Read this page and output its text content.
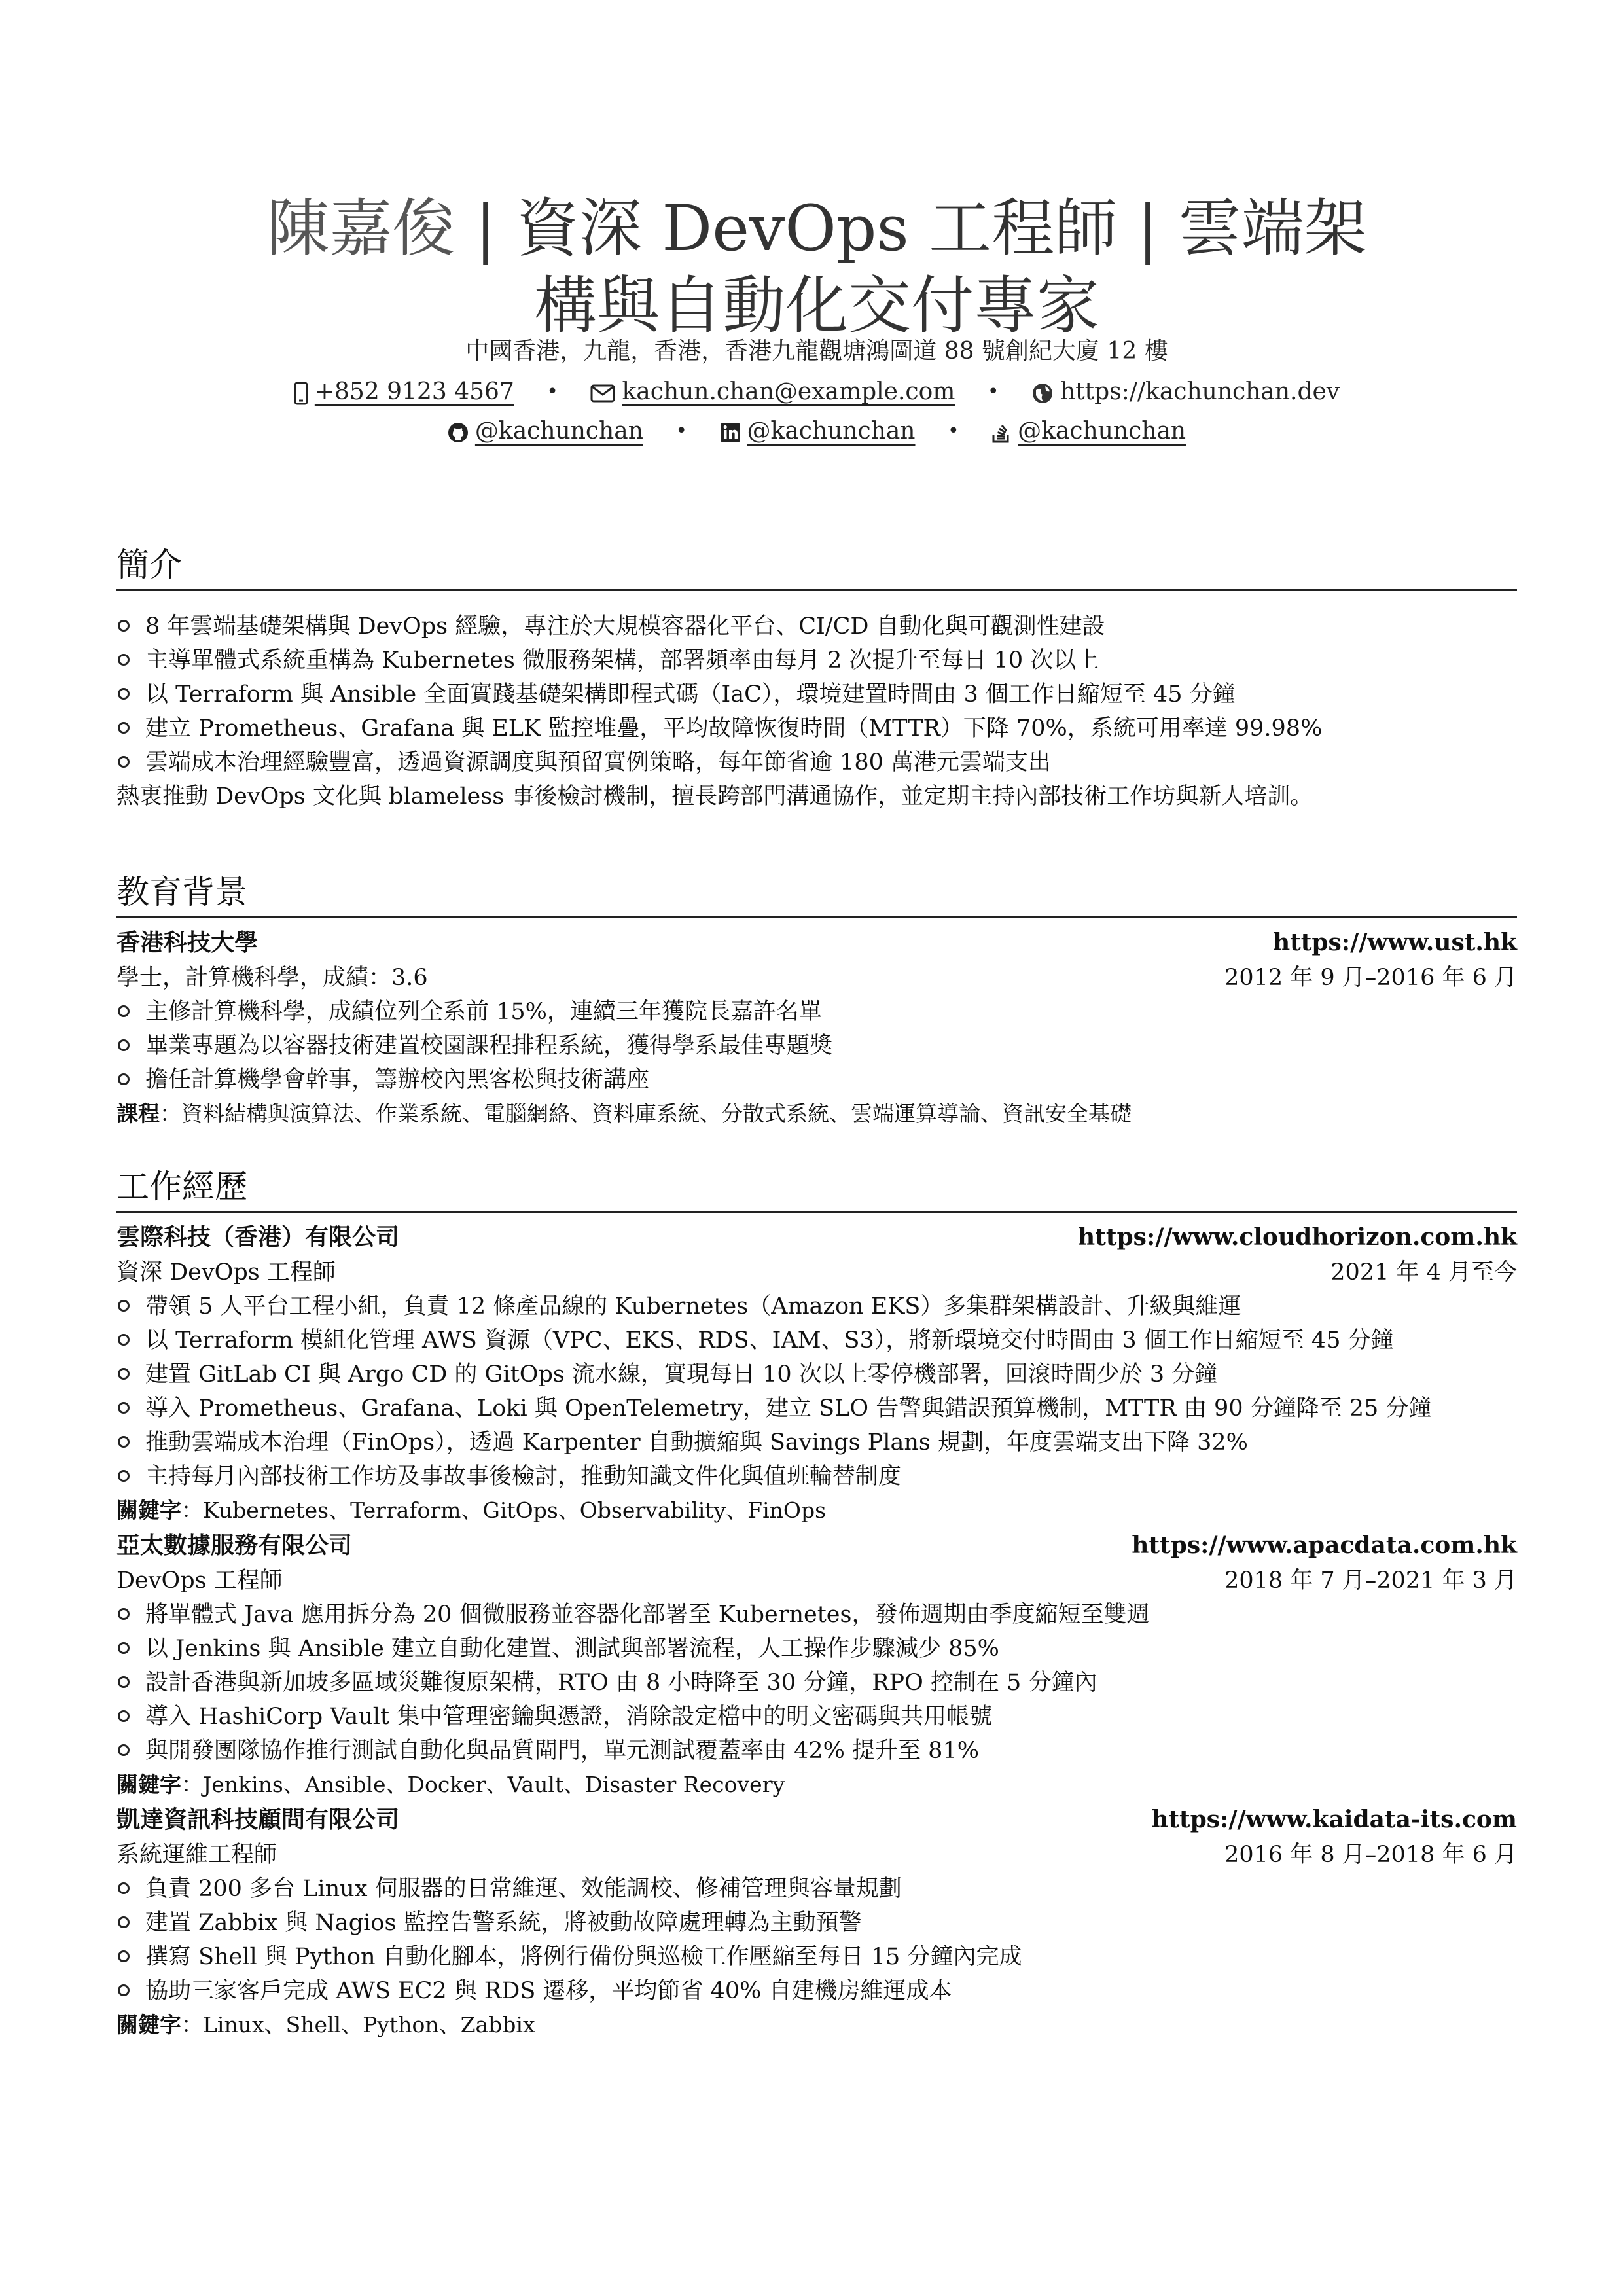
陳嘉俊 | 資深 DevOps 工程師 | 雲端架
構與自動化交付專家
中國香港，九龍，香港，香港九龍觀塘鴻圖道 88 號創紀大廈 12 樓
+852 9123 4567 •	kachun.chan@example.com •	https://kachunchan.dev
@kachunchan •	@kachunchan • @kachunchan
簡介
8 年雲端基礎架構與 DevOps 經驗，專注於大規模容器化平台、CI/CD 自動化與可觀測性建設
主導單體式系統重構為 Kubernetes 微服務架構，部署頻率由每月 2 次提升至每日 10 次以上
以 Terraform 與 Ansible 全面實踐基礎架構即程式碼（IaC），環境建置時間由 3 個工作日縮短至 45 分鐘
建立 Prometheus、Grafana 與 ELK 監控堆疊，平均故障恢復時間（MTTR）下降 70%，系統可用率達 99.98%
雲端成本治理經驗豐富，透過資源調度與預留實例策略，每年節省逾 180 萬港元雲端支出
熱衷推動 DevOps 文化與 blameless 事後檢討機制，擅長跨部門溝通協作，並定期主持內部技術工作坊與新人培訓。
教育背景
香港科技大學	https://www.ust.hk
學士，計算機科學，成績：3.6	2012 年 9 月–2016 年 6 月
主修計算機科學，成績位列全系前 15%，連續三年獲院長嘉許名單
畢業專題為以容器技術建置校園課程排程系統，獲得學系最佳專題獎
擔任計算機學會幹事，籌辦校內黑客松與技術講座
課程：資料結構與演算法、作業系統、電腦網絡、資料庫系統、分散式系統、雲端運算導論、資訊安全基礎
工作經歷
雲際科技（香港）有限公司	https://www.cloudhorizon.com.hk
資深 DevOps 工程師	2021 年 4 月至今
帶領 5 人平台工程小組，負責 12 條產品線的 Kubernetes（Amazon EKS）多集群架構設計、升級與維運
以 Terraform 模組化管理 AWS 資源（VPC、EKS、RDS、IAM、S3），將新環境交付時間由 3 個工作日縮短至 45 分鐘
建置 GitLab CI 與 Argo CD 的 GitOps 流水線，實現每日 10 次以上零停機部署，回滾時間少於 3 分鐘
導入 Prometheus、Grafana、Loki 與 OpenTelemetry，建立 SLO 告警與錯誤預算機制，MTTR 由 90 分鐘降至 25 分鐘
推動雲端成本治理（FinOps），透過 Karpenter 自動擴縮與 Savings Plans 規劃，年度雲端支出下降 32%
主持每月內部技術工作坊及事故事後檢討，推動知識文件化與值班輪替制度
關鍵字：Kubernetes、Terraform、GitOps、Observability、FinOps
亞太數據服務有限公司	https://www.apacdata.com.hk
DevOps 工程師	2018 年 7 月–2021 年 3 月
將單體式 Java 應用拆分為 20 個微服務並容器化部署至 Kubernetes，發佈週期由季度縮短至雙週
以 Jenkins 與 Ansible 建立自動化建置、測試與部署流程，人工操作步驟減少 85%
設計香港與新加坡多區域災難復原架構，RTO 由 8 小時降至 30 分鐘，RPO 控制在 5 分鐘內
導入 HashiCorp Vault 集中管理密鑰與憑證，消除設定檔中的明文密碼與共用帳號
與開發團隊協作推行測試自動化與品質閘門，單元測試覆蓋率由 42% 提升至 81%
關鍵字：Jenkins、Ansible、Docker、Vault、Disaster Recovery
凱達資訊科技顧問有限公司	https://www.kaidata-its.com
系統運維工程師	2016 年 8 月–2018 年 6 月
負責 200 多台 Linux 伺服器的日常維運、效能調校、修補管理與容量規劃
建置 Zabbix 與 Nagios 監控告警系統，將被動故障處理轉為主動預警
撰寫 Shell 與 Python 自動化腳本，將例行備份與巡檢工作壓縮至每日 15 分鐘內完成
協助三家客戶完成 AWS EC2 與 RDS 遷移，平均節省 40% 自建機房維運成本
關鍵字：Linux、Shell、Python、Zabbix
